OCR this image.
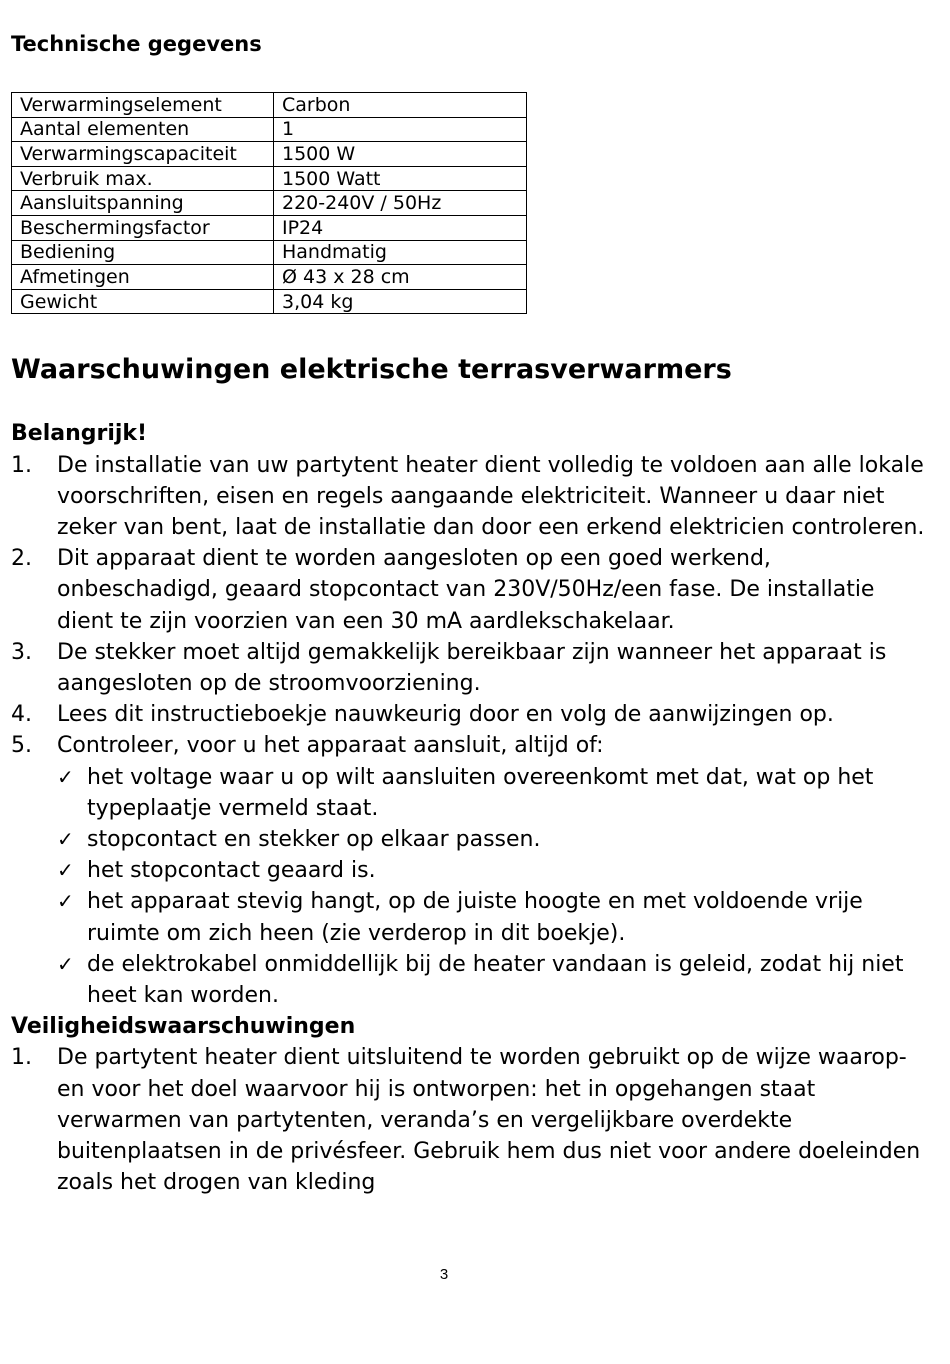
Technische gegevens
Verwarmingselement	Carbon
Aantal elementen	1
Verwarmingscapaciteit	1500 W
Verbruik max.	1500 Watt
Aansluitspanning	220-240V / 50Hz
Beschermingsfactor	IP24
Bediening	Handmatig
Afmetingen	Ø 43 x 28 cm
Gewicht	3,04 kg
Waarschuwingen elektrische terrasverwarmers
Belangrijk!
1. De installatie van uw partytent heater dient volledig te voldoen aan alle lokale voorschriften, eisen en regels aangaande elektriciteit. Wanneer u daar niet zeker van bent, laat de installatie dan door een erkend elektricien controleren.
2. Dit apparaat dient te worden aangesloten op een goed werkend, onbeschadigd, geaard stopcontact van 230V/50Hz/een fase. De installatie dient te zijn voorzien van een 30 mA aardlekschakelaar.
3. De stekker moet altijd gemakkelijk bereikbaar zijn wanneer het apparaat is aangesloten op de stroomvoorziening.
4. Lees dit instructieboekje nauwkeurig door en volg de aanwijzingen op.
5. Controleer, voor u het apparaat aansluit, altijd of:
✓ het voltage waar u op wilt aansluiten overeenkomt met dat, wat op het typeplaatje vermeld staat.
✓ stopcontact en stekker op elkaar passen.
✓ het stopcontact geaard is.
✓ het apparaat stevig hangt, op de juiste hoogte en met voldoende vrije ruimte om zich heen (zie verderop in dit boekje).
✓ de elektrokabel onmiddellijk bij de heater vandaan is geleid, zodat hij niet heet kan worden.
Veiligheidswaarschuwingen
1. De partytent heater dient uitsluitend te worden gebruikt op de wijze waarop- en voor het doel waarvoor hij is ontworpen: het in opgehangen staat verwarmen van partytenten, veranda’s en vergelijkbare overdekte buitenplaatsen in de privésfeer. Gebruik hem dus niet voor andere doeleinden zoals het drogen van kleding
3
